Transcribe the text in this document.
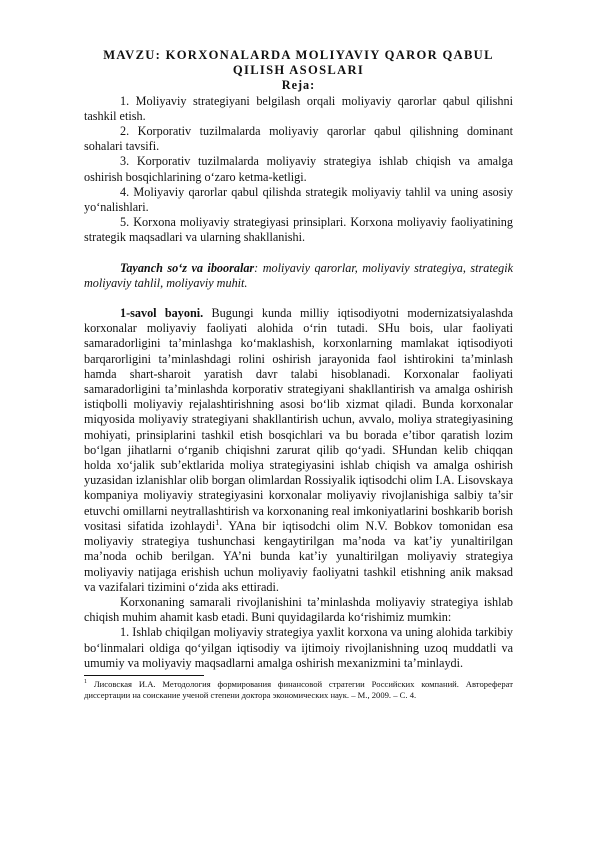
MAVZU: KORXONALARDA MOLIYAVIY QAROR QABUL

QILISH ASOSLARI

Reja:

1. Moliyaviy strategiyani belgilash orqali moliyaviy qarorlar qabul qilishni tashkil etish.

2. Korporativ tuzilmalarda moliyaviy qarorlar qabul qilishning dominant sohalari tavsifi.

3. Korporativ tuzilmalarda moliyaviy strategiya ishlab chiqish va amalga oshirish bosqichlarining o‘zaro ketma-ketligi.

4. Moliyaviy qarorlar qabul qilishda strategik moliyaviy tahlil va uning asosiy yo‘nalishlari.

5. Korxona moliyaviy strategiyasi prinsiplari. Korxona moliyaviy faoliyatining strategik maqsadlari va ularning shakllanishi.

Tayanch so‘z va ibooralar: moliyaviy qarorlar, moliyaviy strategiya, strategik moliyaviy tahlil, moliyaviy muhit.

1-savol bayoni. Bugungi kunda milliy iqtisodiyotni modernizatsiyalashda korxonalar moliyaviy faoliyati alohida o‘rin tutadi. SHu bois, ular faoliyati samaradorligini ta’minlashga ko‘maklashish, korxonlarning mamlakat iqtisodiyoti barqarorligini ta’minlashdagi rolini oshirish jarayonida faol ishtirokini ta’minlash hamda shart-sharoit yaratish davr talabi hisoblanadi. Korxonalar faoliyati samaradorligini ta’minlashda korporativ strategiyani shakllantirish va amalga oshirish istiqbolli moliyaviy rejalashtirishning asosi bo‘lib xizmat qiladi. Bunda korxonalar miqyosida moliyaviy strategiyani shakllantirish uchun, avvalo, moliya strategiyasining mohiyati, prinsiplarini tashkil etish bosqichlari va bu borada e’tibor qaratish lozim bo‘lgan jihatlarni o‘rganib chiqishni zarurat qilib qo‘yadi. SHundan kelib chiqqan holda xo‘jalik sub’ektlarida moliya strategiyasini ishlab chiqish va amalga oshirish yuzasidan izlanishlar olib borgan olimlardan Rossiyalik iqtisodchi olim I.A. Lisovskaya kompaniya moliyaviy strategiyasini korxonalar moliyaviy rivojlanishiga salbiy ta’sir etuvchi omillarni neytrallashtirish va korxonaning real imkoniyatlarini boshkarib borish vositasi sifatida izohlaydi$^1$. YAna bir iqtisodchi olim N.V. Bobkov tomonidan esa moliyaviy strategiya tushunchasi kengaytirilgan ma’noda va kat’iy yunaltirilgan ma’noda ochib berilgan. YA’ni bunda kat’iy yunaltirilgan moliyaviy strategiya moliyaviy natijaga erishish uchun moliyaviy faoliyatni tashkil etishning anik maksad va vazifalari tizimini o‘zida aks ettiradi.

Korxonaning samarali rivojlanishini ta’minlashda moliyaviy strategiya ishlab chiqish muhim ahamit kasb etadi. Buni quyidagilarda ko‘rishimiz mumkin:

1. Ishlab chiqilgan moliyaviy strategiya yaxlit korxona va uning alohida tarkibiy bo‘linmalari oldiga qo‘yilgan iqtisodiy va ijtimoiy rivojlanishning uzoq muddatli va umumiy va moliyaviy maqsadlarni amalga oshirish mexanizmini ta’minlaydi.

$^1$ Лисовская И.А. Методология формирования финансовой стратегии Российских компаний. Автореферат диссертации на соискание ученой степени доктора экономических наук. – М., 2009. – С. 4.
